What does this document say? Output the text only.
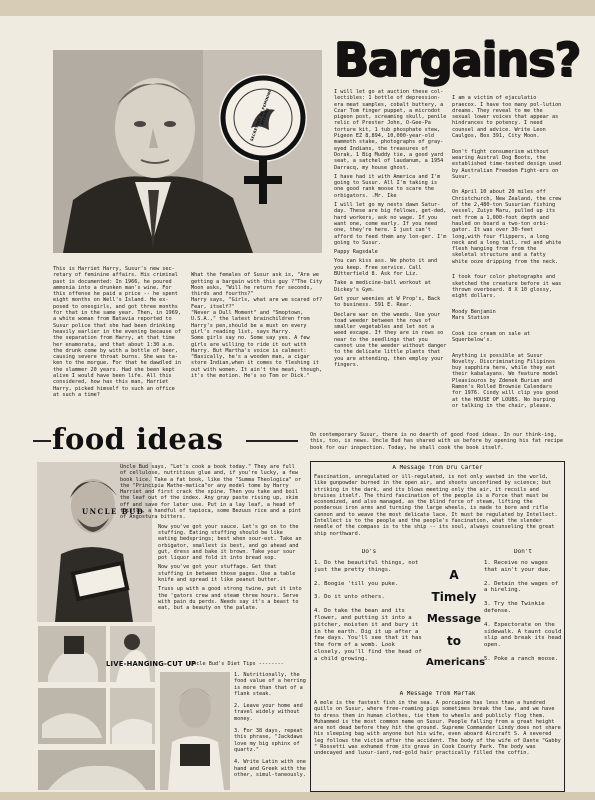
SECRETARY OF FEMININE AFFAIRS
This is Harriet Harry, Susur's new sec-retary of feminine affairs. His criminal past is documented: In 1966, he poured ammonia into a drunken man's wine. For this offense he paid a price -- he spent eight months on Well's Island. He ex-posed to onesgirls, and got three months for that in the same year. Then, in 1969, a white woman from Batavia reported to Susur police that she had been drinking heavily earlier in the evening because of the separation from Harry, at that time her enamorata, and that about 1:30 a.m. the drunk come by with a bottle of beer, causing severe throat burns. She was ta-ken to the morgue. For that he dawdled in the slammer 20 years. Had she been kept alive I would have been life. All this considered, how has this man, Harriet Harry, picked himself to such an office at such a time?

What the females of Susur ask is, "Are we getting a bargain with this guy ?"The City Moon asks, "Will he return for seconds, thirds and fourths?"
Harry says, "Girls, what are we scared of? Fear, itself?"
"Never a Dull Moment" and "Smoptown, U.S.A.," the latest brainchildren from Harry's pen,should be a must on every girl's reading list, says Harry.
Some girls say no. Some say yes. A few girls are willing to ride it out with Harry. But Martha's voice is calmest:
"Basically, he's a wooden man, a cigar store Indian,when it comes to fleshing it out with women. It ain't the meat, though, it's the motion. He's so Tom or Dick."

Bargains?

I will let go at auction these col-lectibles: 1 bottle of depression-era meat samples, cobalt buttery, a Czar Tom finger puppet, a microdot pigeon post, screaming skull, penile relic of Prester John, O-Gee-Pa torture kit, 1 tub phosphate stew, Pigeon EZ 8,894, 10,000-year-old mammoth stake, photographs of gray-eyed Indians, the treasures of Dorak, 1 Big Muddy tie, a good yard seat, a satchel of laudanum, a 1954 Darracq, my house ghost.

I have had it with America and I'm going to Susur. All I'm taking is one good rank moose to scare the orbigators. .Mr. Ike

I will let go my nests dawn Satur-day. These are big fellows, get-ded, hard workers, ask no wage. If you want one, come early. If you need one, they're here. I just can't afford to feed them any lon-ger. I'm going to Susur.

Pappy Ragsdale

You can kiss ass. We photo it and you keep. Free service. Call BUtterfield 8. Ask for Liz.

Take a medicine-ball workout at Dickey's Gym.

Get your weenies at W Prop's, Back to business. 591 E. Rear.

Declare war on the weeds. Use your toad weeder between the rows of smaller vegetables and let not a weed escape. If they are in rows so near to the seedlings that you cannot use the weeder without danger to the delicate little plants that you are attending, then employ your fingers.

I am a victim of ejaculatio praecox. I have too many pol-lution dreams. They reveal to me the sexual lower voices that appear as hindrances to potency. I need counsel and advice. Write Leon Caulgos, Box 391, City Moon.

Don't fight consumerism without wearing Austral Dog Boots, the established time-tested design used by Australian Freedom Fight-ers on Susur.

On April 10 about 20 miles off Christchurch, New Zealand, the crew of the 2,480-ton Susurian fishing vessel, Zuiyo Maru, pulled up its net from a 1,000-foot depth and hauled on board a two-ton orbi-gator. It was over 30-feet long,with four flippers, a long neck and a long tail, red and white flesh hanging from from the skeletal structure and a fatty white ooze dripping from the neck.

I took four color photographs and sketched the creature before it was thrown overboard. 8 X 10 glossy, eight dollars.

Moody Benjamin
Mars Station

Cook ice cream on sale at Squerbelow's.

Anything is possible at Susur Novelty. Discriminating Filipinos buy sapphira here, while they eat their kabalayans. We feature model Pleasiouros by Zdenek Burian and Ramon's Rolled Brownie Calendars for 1976. Cindy will clip you good at the HOUSE OF LOUBS. No burping or talking in the chair, please.

food ideas	On contemporary Susur, there is no dearth of good food ideas. In our think-ing, this, too, is news. Uncle Bud has shared with us before by opening his fat recipe book for our inspection. Today, he shall cook the book itself.
UNCLE BUD

Uncle Bud says, "Let's cook a book today." They are full of cellulose, nutritious glue and, if you're lucky, a few book lice. Take a fat book, like the "Summa Theologica" or the "Principia Mathe-matica"or any model tome by Harry Harriet and first crack the spine. Then you take and boil the leaf out of the index. Any gray paste rising up, skim off and save for later use. Put in a lay leaf, a head of thistle, a handful of tapioca, some Bezuus rice and a pint of Angostura bitters.

Now you've got your sauce. Let's go on to the stuffing. Eating stuffing should be like eating bedsprings; best when sour-est. Take an orbigator, smallest is best, and go ahead and gut, dress and bake it brown. Take your sour pot liquor and fold it into bread sop.

Now you've got your stuffage. Get that stuffing in between those pages. Use a table knife and spread it like peanut butter.

Truss up with a good strong twine, put it into the 'gators crew and steam three hours. Serve with pain du perds. Needs say it's a beast to eat, but a beauty on the palate.

LIVE-HANGING-CUT UP
Uncle Bud's Diet Tips --------

1. Nutritionally, the food value of a herring is more than that of a flank steak.

2. Leave your home and travel widely without money.

3. For 38 days, repeat this phrase, "Jackdaws love my big sphinx of quartz."

4. Write Latin with one hand and Greek with the other, simul-taneously.

A Message from Dru Carter
Fascination, unregulated or ill-regulated, is not only wasted in the world, like gunpowder burned in the open air, and shoots unconfined by science; but striking in the dark, and its blows meeting only the air, it recoils and bruises itself. The third fascination of the people is a Force that must be economized, and also managed, as the blind force of steam, lifting the ponderous iron arms and turning the large wheels, is made to bore and rifle cannon and to weave the most delicate lace. It must be regulated by Intellect. Intellect is to the people and the people's fascination, what the slender needle of the compass is to the ship -- its soul, always counseling the great ship northward.
Do's	Don't

1. Do the beautiful things, not just the pretty things.

2. Boogie 'till you puke.

3. Do it unto others.

4. Do take the bean and its flower, and putting it into a pitcher, moisten it and bury it in the earth. Dig it up after a few days. You'll see that it has the form of a womb. Look closely, you'll find the head of a child growing.

A
Timely
Message
to
Americans

1. Receive no wages that ain't your due.

2. Detain the wages of a hireling.

3. Try the Twinkie defense.

4. Expectorate on the sidewalk. A taunt could slip and break its head open.

5. Poke a ranch moose.

A Message from Marfak
A mole is the fastest fish in the sea. A porcupine has less than a hundred quills on Susur, where free-roaming pigs sometimes break the law, and we have to dress them in human clothes, tie them to wheels and publicly flog them. Muhammed is the most common name on Susur. People falling from a great height are not dead before they hit the ground. Supreme Commander Lindy does not share his sleeping bag with anyone but his wife, even aboard Aircraft S. A severed leg follows the victim after the accident. The body of the wife of Dante "Gabby " Rossetti was exhumed from its grave in Cook County Park. The body was undecayed and luxur-iant,red-gold hair practically filled the coffin.
